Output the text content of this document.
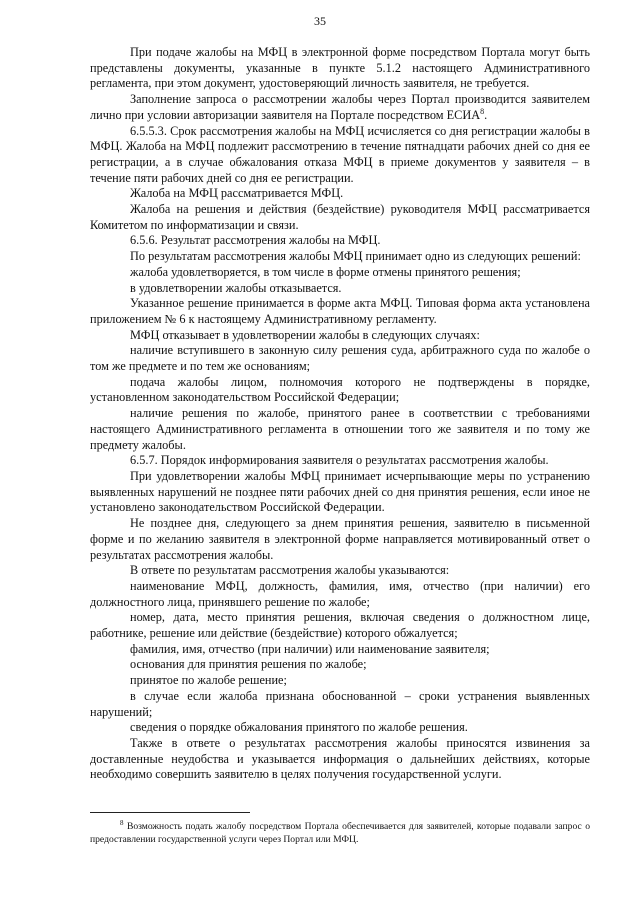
35

При подаче жалобы на МФЦ в электронной форме посредством Портала могут быть представлены документы, указанные в пункте 5.1.2 настоящего Административного регламента, при этом документ, удостоверяющий личность заявителя, не требуется.

Заполнение запроса о рассмотрении жалобы через Портал производится заявителем лично при условии авторизации заявителя на Портале посредством ЕСИА$^8$.

6.5.5.3. Срок рассмотрения жалобы на МФЦ исчисляется со дня регистрации жалобы в МФЦ. Жалоба на МФЦ подлежит рассмотрению в течение пятнадцати рабочих дней со дня ее регистрации, а в случае обжалования отказа МФЦ в приеме документов у заявителя – в течение пяти рабочих дней со дня ее регистрации.

Жалоба на МФЦ рассматривается МФЦ.

Жалоба на решения и действия (бездействие) руководителя МФЦ рассматривается Комитетом по информатизации и связи.

6.5.6. Результат рассмотрения жалобы на МФЦ.

По результатам рассмотрения жалобы МФЦ принимает одно из следующих решений:

жалоба удовлетворяется, в том числе в форме отмены принятого решения;

в удовлетворении жалобы отказывается.

Указанное решение принимается в форме акта МФЦ. Типовая форма акта установлена приложением № 6 к настоящему Административному регламенту.

МФЦ отказывает в удовлетворении жалобы в следующих случаях:

наличие вступившего в законную силу решения суда, арбитражного суда по жалобе о том же предмете и по тем же основаниям;

подача жалобы лицом, полномочия которого не подтверждены в порядке, установленном законодательством Российской Федерации;

наличие решения по жалобе, принятого ранее в соответствии с требованиями настоящего Административного регламента в отношении того же заявителя и по тому же предмету жалобы.

6.5.7. Порядок информирования заявителя о результатах рассмотрения жалобы.

При удовлетворении жалобы МФЦ принимает исчерпывающие меры по устранению выявленных нарушений не позднее пяти рабочих дней со дня принятия решения, если иное не установлено законодательством Российской Федерации.

Не позднее дня, следующего за днем принятия решения, заявителю в письменной форме и по желанию заявителя в электронной форме направляется мотивированный ответ о результатах рассмотрения жалобы.

В ответе по результатам рассмотрения жалобы указываются:

наименование МФЦ, должность, фамилия, имя, отчество (при наличии) его должностного лица, принявшего решение по жалобе;

номер, дата, место принятия решения, включая сведения о должностном лице, работнике, решение или действие (бездействие) которого обжалуется;

фамилия, имя, отчество (при наличии) или наименование заявителя;

основания для принятия решения по жалобе;

принятое по жалобе решение;

в случае если жалоба признана обоснованной – сроки устранения выявленных нарушений;

сведения о порядке обжалования принятого по жалобе решения.

Также в ответе о результатах рассмотрения жалобы приносятся извинения за доставленные неудобства и указывается информация о дальнейших действиях, которые необходимо совершить заявителю в целях получения государственной услуги.

$^8$ Возможность подать жалобу посредством Портала обеспечивается для заявителей, которые подавали запрос о предоставлении государственной услуги через Портал или МФЦ.
